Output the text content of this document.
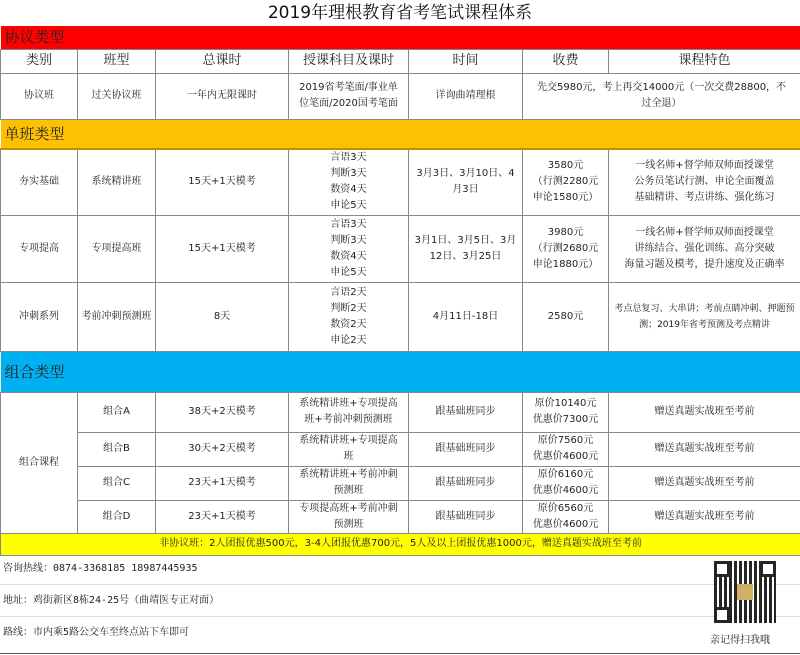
2019年理根教育省考笔试课程体系
协议类型						
类别	班型	总课时	授课科目及课时	时间	收费	课程特色
协议班	过关协议班	一年内无限课时	2019省考笔面/事业单
位笔面/2020国考笔面	详询曲靖理根	先交5980元，考上再交14000元（一次交费28800，不
过全退）	
单班类型						
夯实基础	系统精讲班	15天+1天模考	言语3天
判断3天
数资4天
申论5天	3月3日、3月10日、4
月3日	3580元
（行测2280元
申论1580元）	一线名师+督学师双师面授课堂
公务员笔试行测、申论全面覆盖
基础精讲、考点讲练、强化练习
专项提高	专项提高班	15天+1天模考	言语3天
判断3天
数资4天
申论5天	3月1日、3月5日、3月
12日、3月25日	3980元
（行测2680元
申论1880元）	一线名师+督学师双师面授课堂
讲练结合、强化训练、高分突破
海量习题及模考，提升速度及正确率
冲刺系列	考前冲刺预测班	8天	言语2天
判断2天
数资2天
申论2天	4月11日-18日	2580元	考点总复习、大串讲；考前点睛冲刺、押题预
测；2019年省考预测及考点精讲
组合类型						
组合课程	组合A	38天+2天模考	系统精讲班+专项提高
班+考前冲刺预测班	跟基础班同步	原价10140元
优惠价7300元	赠送真题实战班至考前
	组合B	30天+2天模考	系统精讲班+专项提高
班	跟基础班同步	原价7560元
优惠价4600元	赠送真题实战班至考前
	组合C	23天+1天模考	系统精讲班+考前冲刺
预测班	跟基础班同步	原价6160元
优惠价4600元	赠送真题实战班至考前
	组合D	23天+1天模考	专项提高班+考前冲刺
预测班	跟基础班同步	原价6560元
优惠价4600元	赠送真题实战班至考前
非协议班：2人团报优惠500元，3-4人团报优惠700元，5人及以上团报优惠1000元，赠送真题实战班至考前						
咨询热线：0874-3368185 18987445935
地址：鸡街新区8栋24-25号（曲靖医专正对面）
路线：市内乘5路公交车至终点站下车即可
亲记得扫我哦
